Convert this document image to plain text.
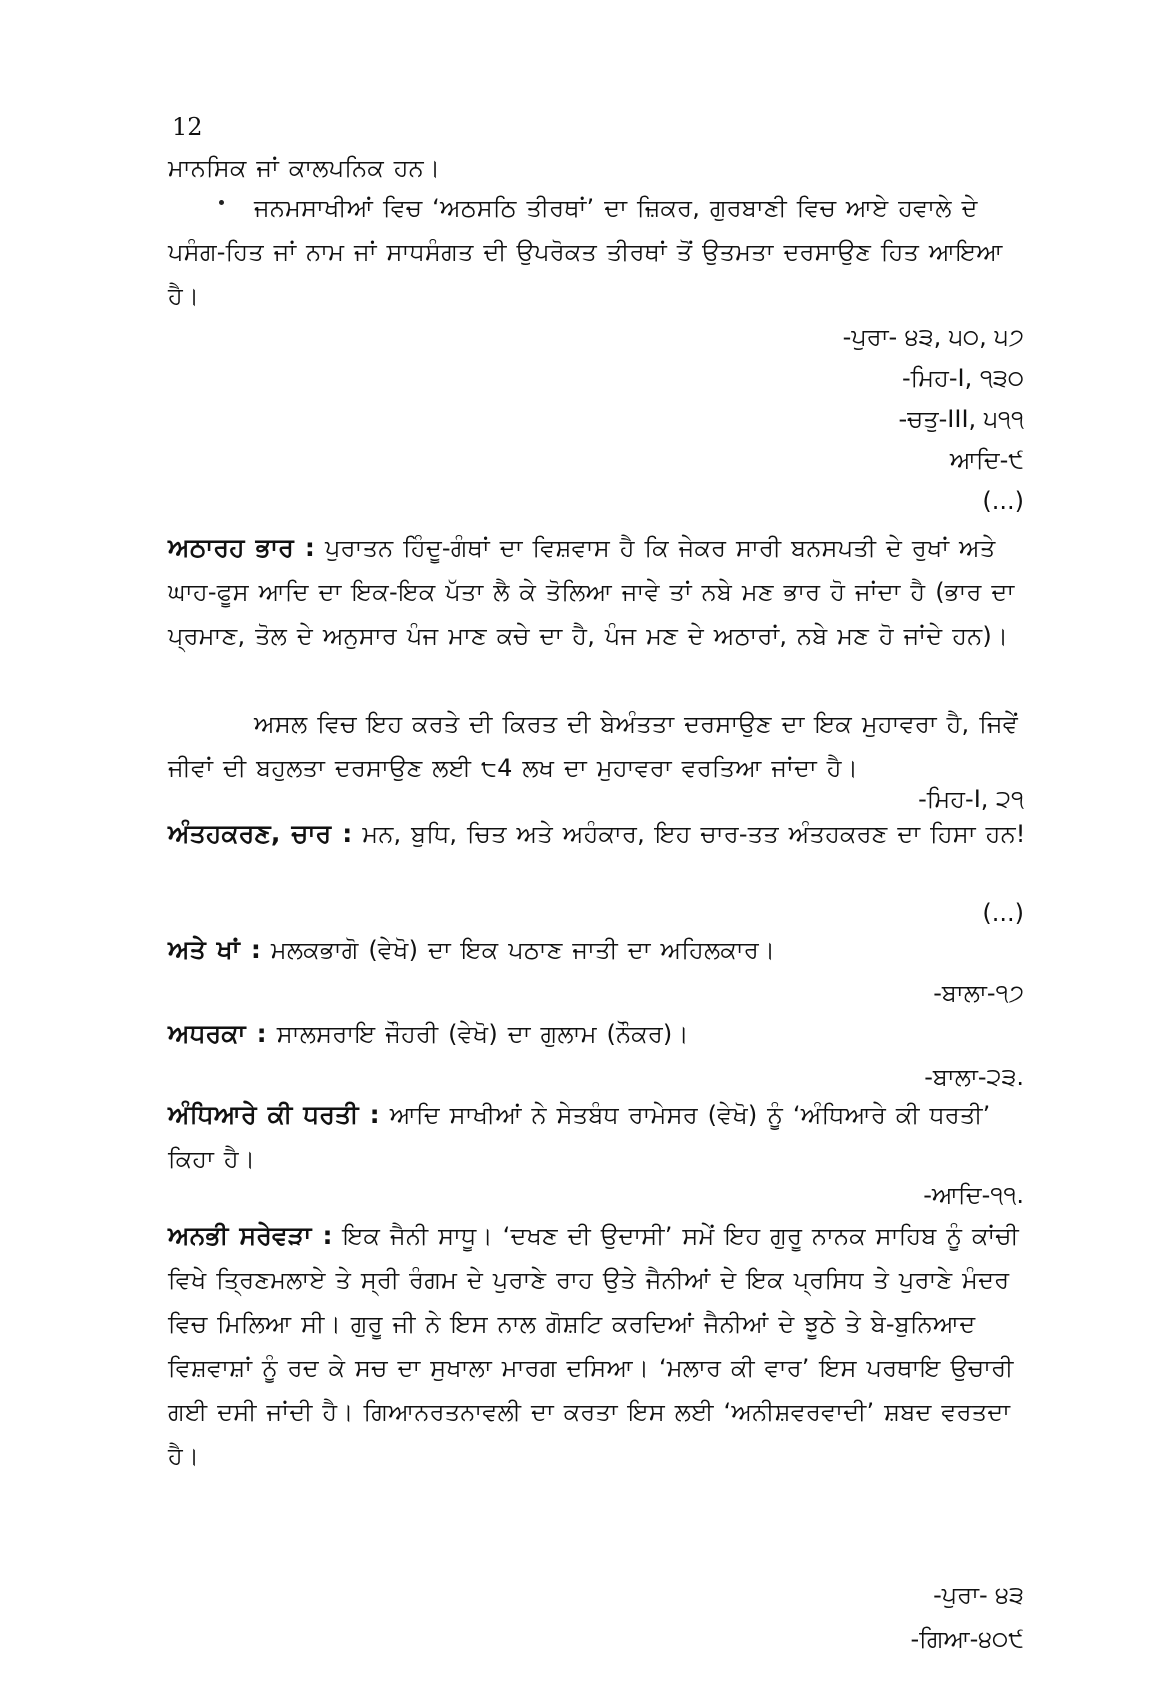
12
ਮਾਨਸਿਕ ਜਾਂ ਕਾਲਪਨਿਕ ਹਨ।
ਜਨਮਸਾਖੀਆਂ ਵਿਚ ‘ਅਠਸਠਿ ਤੀਰਥਾਂ’ ਦਾ ਜ਼ਿਕਰ, ਗੁਰਬਾਣੀ ਵਿਚ ਆਏ ਹਵਾਲੇ ਦੇ ਪਸੰਗ-ਹਿਤ ਜਾਂ ਨਾਮ ਜਾਂ ਸਾਧਸੰਗਤ ਦੀ ਉਪਰੋਕਤ ਤੀਰਥਾਂ ਤੋਂ ਉਤਮਤਾ ਦਰਸਾਉਣ ਹਿਤ ਆਇਆ ਹੈ।
-ਪੁਰਾ- ੪੩, ੫੦, ੫੭
-ਮਿਹ-I, ੧੩੦
-ਚਤੁ-III, ੫੧੧
ਆਦਿ-੯
(...)
ਅਠਾਰਹ ਭਾਰ : ਪੁਰਾਤਨ ਹਿੰਦੂ-ਗੰਥਾਂ ਦਾ ਵਿਸ਼ਵਾਸ ਹੈ ਕਿ ਜੇਕਰ ਸਾਰੀ ਬਨਸਪਤੀ ਦੇ ਰੁਖਾਂ ਅਤੇ ਘਾਹ-ਫੂਸ ਆਦਿ ਦਾ ਇਕ-ਇਕ ਪੱਤਾ ਲੈ ਕੇ ਤੋਲਿਆ ਜਾਵੇ ਤਾਂ ਨਬੇ ਮਣ ਭਾਰ ਹੋ ਜਾਂਦਾ ਹੈ (ਭਾਰ ਦਾ ਪ੍ਰਮਾਣ, ਤੋਲ ਦੇ ਅਨੁਸਾਰ ਪੰਜ ਮਾਣ ਕਚੇ ਦਾ ਹੈ, ਪੰਜ ਮਣ ਦੇ ਅਠਾਰਾਂ, ਨਬੇ ਮਣ ਹੋ ਜਾਂਦੇ ਹਨ)।
ਅਸਲ ਵਿਚ ਇਹ ਕਰਤੇ ਦੀ ਕਿਰਤ ਦੀ ਬੇਅੰਤਤਾ ਦਰਸਾਉਣ ਦਾ ਇਕ ਮੁਹਾਵਰਾ ਹੈ, ਜਿਵੇਂ ਜੀਵਾਂ ਦੀ ਬਹੁਲਤਾ ਦਰਸਾਉਣ ਲਈ ੮4 ਲਖ ਦਾ ਮੁਹਾਵਰਾ ਵਰਤਿਆ ਜਾਂਦਾ ਹੈ।
-ਮਿਹ-I, ੨੧
ਅੰਤਹਕਰਣ, ਚਾਰ : ਮਨ, ਬੁਧਿ, ਚਿਤ ਅਤੇ ਅਹੰਕਾਰ, ਇਹ ਚਾਰ-ਤਤ ਅੰਤਹਕਰਣ ਦਾ ਹਿਸਾ ਹਨ!
(...)
ਅਤੇ ਖਾਂ : ਮਲਕਭਾਗੋ (ਵੇਖੋ) ਦਾ ਇਕ ਪਠਾਣ ਜਾਤੀ ਦਾ ਅਹਿਲਕਾਰ।
-ਬਾਲਾ-੧੭
ਅਧਰਕਾ : ਸਾਲਸਰਾਇ ਜੌਹਰੀ (ਵੇਖੋ) ਦਾ ਗੁਲਾਮ (ਨੌਕਰ)।
-ਬਾਲਾ-੨੩.
ਅੰਧਿਆਰੇ ਕੀ ਧਰਤੀ : ਆਦਿ ਸਾਖੀਆਂ ਨੇ ਸੇਤਬੰਧ ਰਾਮੇਸਰ (ਵੇਖੋ) ਨੂੰ ‘ਅੰਧਿਆਰੇ ਕੀ ਧਰਤੀ’ ਕਿਹਾ ਹੈ।
-ਆਦਿ-੧੧.
ਅਨਭੀ ਸਰੇਵੜਾ : ਇਕ ਜੈਨੀ ਸਾਧੂ। ‘ਦਖਣ ਦੀ ਉਦਾਸੀ’ ਸਮੇਂ ਇਹ ਗੁਰੂ ਨਾਨਕ ਸਾਹਿਬ ਨੂੰ ਕਾਂਚੀ ਵਿਖੇ ਤ੍ਰਿਣਮਲਾਏ ਤੇ ਸ੍ਰੀ ਰੰਗਮ ਦੇ ਪੁਰਾਣੇ ਰਾਹ ਉਤੇ ਜੈਨੀਆਂ ਦੇ ਇਕ ਪ੍ਰਸਿਧ ਤੇ ਪੁਰਾਣੇ ਮੰਦਰ ਵਿਚ ਮਿਲਿਆ ਸੀ। ਗੁਰੂ ਜੀ ਨੇ ਇਸ ਨਾਲ ਗੋਸ਼ਟਿ ਕਰਦਿਆਂ ਜੈਨੀਆਂ ਦੇ ਝੂਠੇ ਤੇ ਬੇ-ਬੁਨਿਆਦ ਵਿਸ਼ਵਾਸ਼ਾਂ ਨੂੰ ਰਦ ਕੇ ਸਚ ਦਾ ਸੁਖਾਲਾ ਮਾਰਗ ਦਸਿਆ। ‘ਮਲਾਰ ਕੀ ਵਾਰ’ ਇਸ ਪਰਥਾਇ ਉਚਾਰੀ ਗਈ ਦਸੀ ਜਾਂਦੀ ਹੈ। ਗਿਆਨਰਤਨਾਵਲੀ ਦਾ ਕਰਤਾ ਇਸ ਲਈ ‘ਅਨੀਸ਼ਵਰਵਾਦੀ’ ਸ਼ਬਦ ਵਰਤਦਾ ਹੈ।
-ਪੁਰਾ- ੪੩
-ਗਿਆ-੪੦੯
